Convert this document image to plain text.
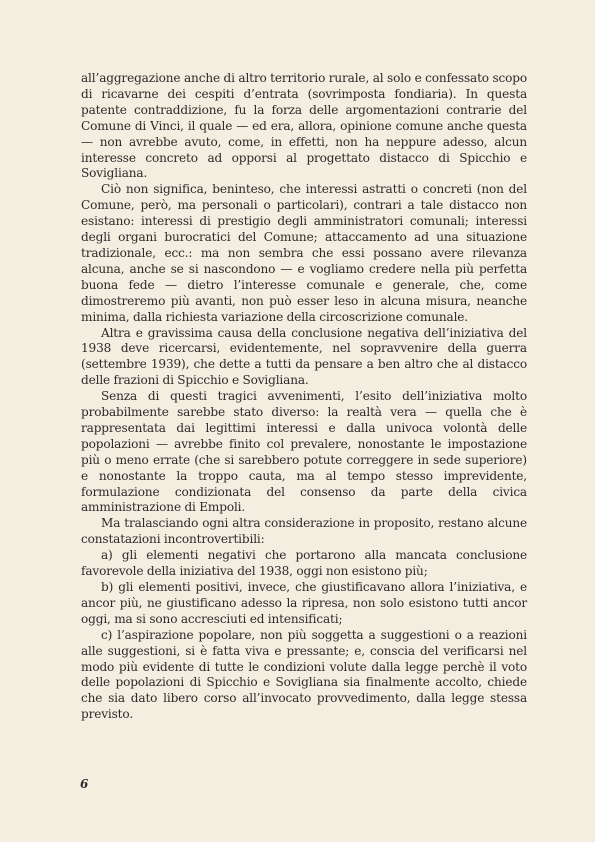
all’aggregazione anche di altro territorio rurale, al solo e confessato scopo di ricavarne dei cespiti d’entrata (sovrimposta fondiaria). In questa patente contraddizione, fu la forza delle argomentazioni contrarie del Comune di Vinci, il quale — ed era, allora, opinione comune anche questa — non avrebbe avuto, come, in effetti, non ha neppure adesso, alcun interesse concreto ad opporsi al progettato distacco di Spicchio e Sovigliana.

Ciò non significa, beninteso, che interessi astratti o concreti (non del Comune, però, ma personali o particolari), contrari a tale distacco non esistano: interessi di prestigio degli amministratori comunali; interessi degli organi burocratici del Comune; attaccamento ad una situazione tradizionale, ecc.: ma non sembra che essi possano avere rilevanza alcuna, anche se si nascondono — e vogliamo credere nella più perfetta buona fede — dietro l’interesse comunale e generale, che, come dimostreremo più avanti, non può esser leso in alcuna misura, neanche minima, dalla richiesta variazione della circoscrizione comunale.

Altra e gravissima causa della conclusione negativa dell’iniziativa del 1938 deve ricercarsi, evidentemente, nel sopravvenire della guerra (settembre 1939), che dette a tutti da pensare a ben altro che al distacco delle frazioni di Spicchio e Sovigliana.

Senza di questi tragici avvenimenti, l’esito dell’iniziativa molto probabilmente sarebbe stato diverso: la realtà vera — quella che è rappresentata dai legittimi interessi e dalla univoca volontà delle popolazioni — avrebbe finito col prevalere, nonostante le impostazione più o meno errate (che si sarebbero potute correggere in sede superiore) e nonostante la troppo cauta, ma al tempo stesso imprevidente, formulazione condizionata del consenso da parte della civica amministrazione di Empoli.

Ma tralasciando ogni altra considerazione in proposito, restano alcune constatazioni incontrovertibili:

a) gli elementi negativi che portarono alla mancata conclusione favorevole della iniziativa del 1938, oggi non esistono più;

b) gli elementi positivi, invece, che giustificavano allora l’iniziativa, e ancor più, ne giustificano adesso la ripresa, non solo esistono tutti ancor oggi, ma si sono accresciuti ed intensificati;

c) l’aspirazione popolare, non più soggetta a suggestioni o a reazioni alle suggestioni, si è fatta viva e pressante; e, conscia del verificarsi nel modo più evidente di tutte le condizioni volute dalla legge perchè il voto delle popolazioni di Spicchio e Sovigliana sia finalmente accolto, chiede che sia dato libero corso all’invocato provvedimento, dalla legge stessa previsto.

6
